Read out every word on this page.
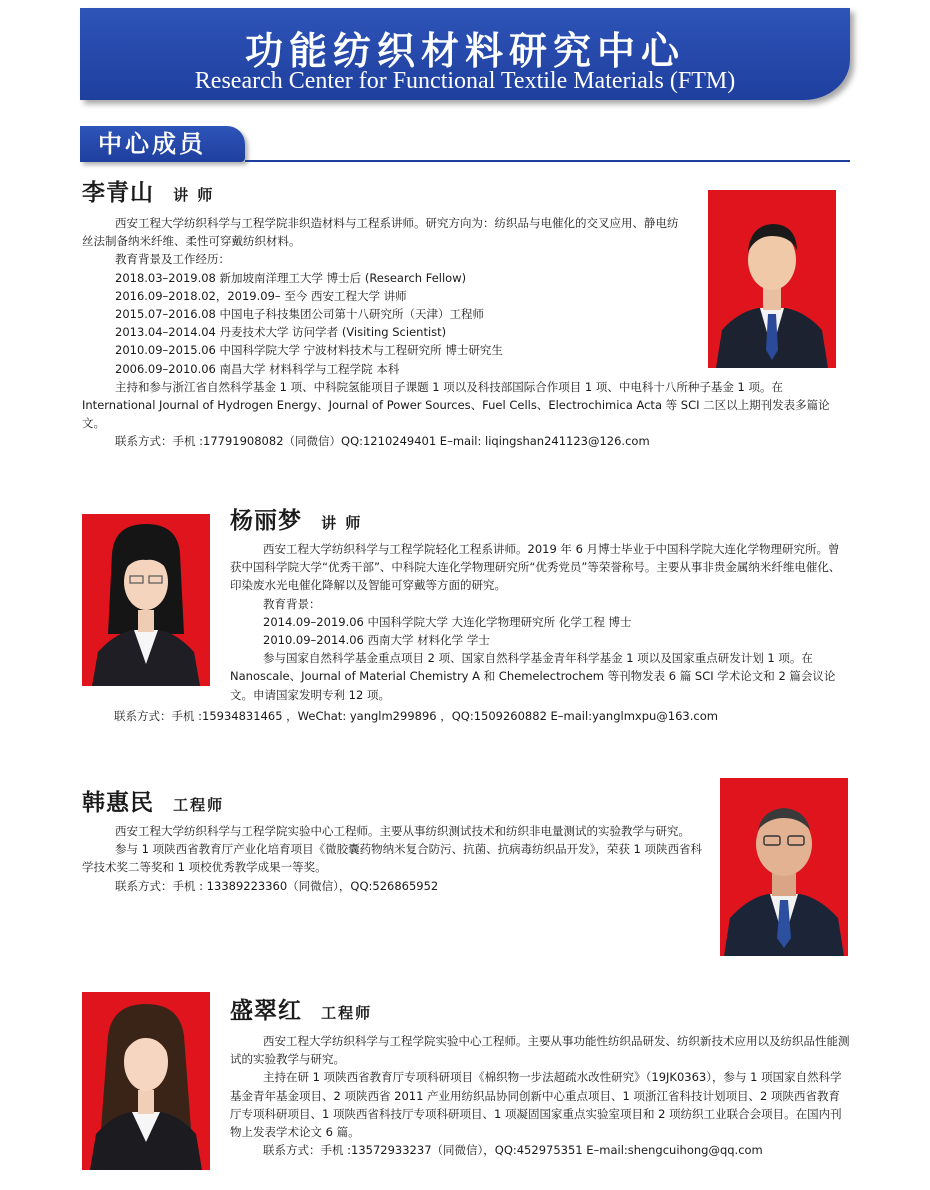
功能纺织材料研究中心
Research Center for Functional Textile Materials (FTM)
中心成员
李青山 讲 师

西安工程大学纺织科学与工程学院非织造材料与工程系讲师。研究方向为：纺织品与电催化的交叉应用、静电纺丝法制备纳米纤维、柔性可穿戴纺织材料。

教育背景及工作经历：

2018.03–2019.08 新加坡南洋理工大学 博士后 (Research Fellow)

2016.09–2018.02，2019.09– 至今 西安工程大学 讲师

2015.07–2016.08 中国电子科技集团公司第十八研究所（天津）工程师

2013.04–2014.04 丹麦技术大学 访问学者 (Visiting Scientist)

2010.09–2015.06 中国科学院大学 宁波材料技术与工程研究所 博士研究生

2006.09–2010.06 南昌大学 材料科学与工程学院 本科

主持和参与浙江省自然科学基金 1 项、中科院氢能项目子课题 1 项以及科技部国际合作项目 1 项、中电科十八所种子基金 1 项。在 International Journal of Hydrogen Energy、Journal of Power Sources、Fuel Cells、Electrochimica Acta 等 SCI 二区以上期刊发表多篇论文。

联系方式：手机 :17791908082（同微信）QQ:1210249401 E–mail: liqingshan241123@126.com

杨丽梦 讲 师

西安工程大学纺织科学与工程学院轻化工程系讲师。2019 年 6 月博士毕业于中国科学院大连化学物理研究所。曾获中国科学院大学“优秀干部”、中科院大连化学物理研究所“优秀党员”等荣誉称号。主要从事非贵金属纳米纤维电催化、印染废水光电催化降解以及智能可穿戴等方面的研究。

教育背景：

2014.09–2019.06 中国科学院大学 大连化学物理研究所 化学工程 博士

2010.09–2014.06 西南大学 材料化学 学士

参与国家自然科学基金重点项目 2 项、国家自然科学基金青年科学基金 1 项以及国家重点研发计划 1 项。在 Nanoscale、Journal of Material Chemistry A 和 Chemelectrochem 等刊物发表 6 篇 SCI 学术论文和 2 篇会议论文。申请国家发明专利 12 项。

联系方式：手机 :15934831465 ，WeChat: yanglm299896 ，QQ:1509260882 E–mail:yanglmxpu@163.com

韩惠民 工程师

西安工程大学纺织科学与工程学院实验中心工程师。主要从事纺织测试技术和纺织非电量测试的实验教学与研究。

参与 1 项陕西省教育厅产业化培育项目《微胶囊药物纳米复合防污、抗菌、抗病毒纺织品开发》，荣获 1 项陕西省科学技术奖二等奖和 1 项校优秀教学成果一等奖。

联系方式：手机 : 13389223360（同微信），QQ:526865952

盛翠红 工程师

西安工程大学纺织科学与工程学院实验中心工程师。主要从事功能性纺织品研发、纺织新技术应用以及纺织品性能测试的实验教学与研究。

主持在研 1 项陕西省教育厅专项科研项目《棉织物一步法超疏水改性研究》（19JK0363），参与 1 项国家自然科学基金青年基金项目、2 项陕西省 2011 产业用纺织品协同创新中心重点项目、1 项浙江省科技计划项目、2 项陕西省教育厅专项科研项目、1 项陕西省科技厅专项科研项目、1 项凝固国家重点实验室项目和 2 项纺织工业联合会项目。在国内刊物上发表学术论文 6 篇。

联系方式：手机 :13572933237（同微信），QQ:452975351 E–mail:shengcuihong@qq.com
